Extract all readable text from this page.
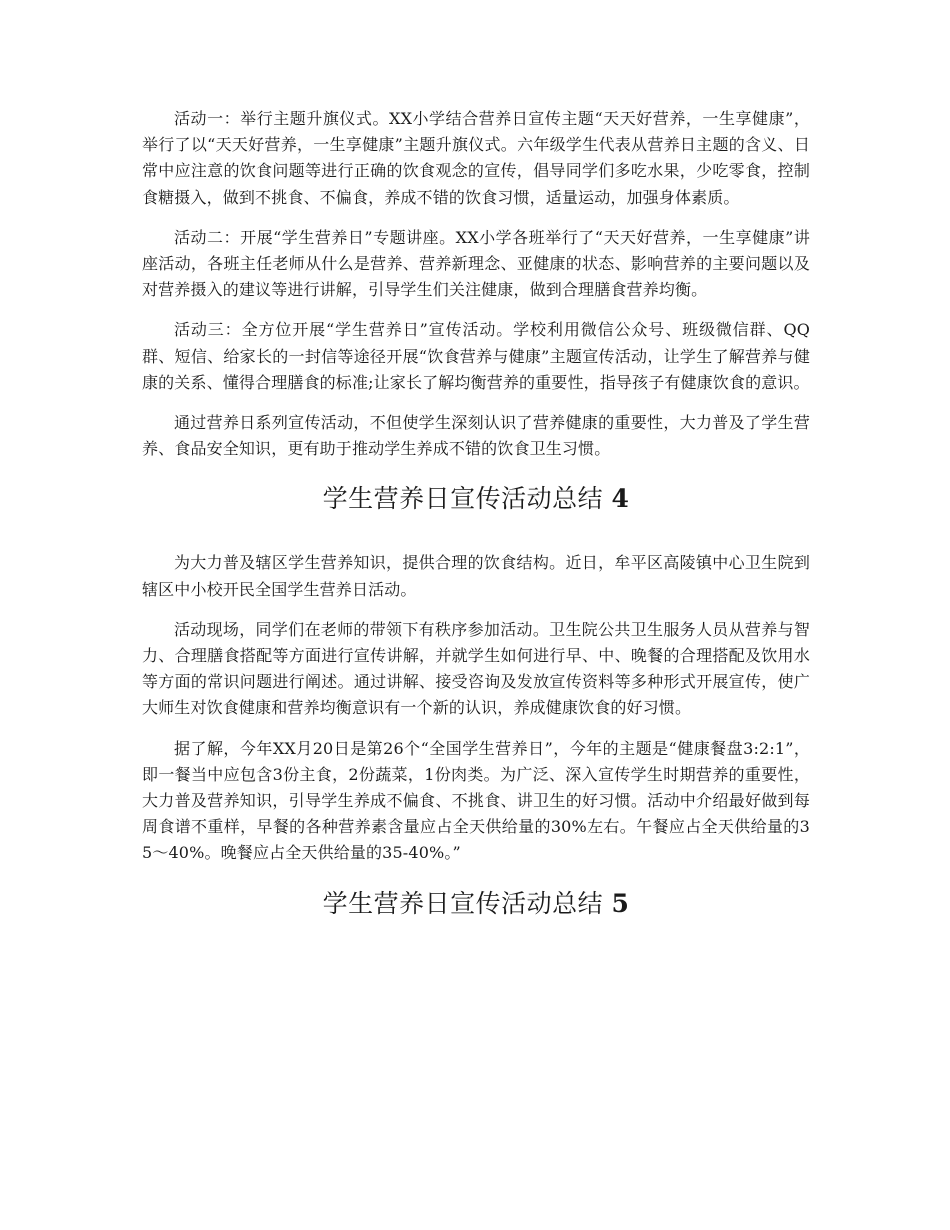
活动一：举行主题升旗仪式。XX小学结合营养日宣传主题“天天好营养，一生享健康”，举行了以“天天好营养，一生享健康”主题升旗仪式。六年级学生代表从营养日主题的含义、日常中应注意的饮食问题等进行正确的饮食观念的宣传，倡导同学们多吃水果，少吃零食，控制食糖摄入，做到不挑食、不偏食，养成不错的饮食习惯，适量运动，加强身体素质。

活动二：开展“学生营养日”专题讲座。XX小学各班举行了“天天好营养，一生享健康”讲座活动，各班主任老师从什么是营养、营养新理念、亚健康的状态、影响营养的主要问题以及对营养摄入的建议等进行讲解，引导学生们关注健康，做到合理膳食营养均衡。

活动三：全方位开展“学生营养日”宣传活动。学校利用微信公众号、班级微信群、QQ群、短信、给家长的一封信等途径开展“饮食营养与健康”主题宣传活动，让学生了解营养与健康的关系、懂得合理膳食的标准;让家长了解均衡营养的重要性，指导孩子有健康饮食的意识。

通过营养日系列宣传活动，不但使学生深刻认识了营养健康的重要性，大力普及了学生营养、食品安全知识，更有助于推动学生养成不错的饮食卫生习惯。

学生营养日宣传活动总结 4

为大力普及辖区学生营养知识，提供合理的饮食结构。近日，牟平区高陵镇中心卫生院到辖区中小校开民全国学生营养日活动。

活动现场，同学们在老师的带领下有秩序参加活动。卫生院公共卫生服务人员从营养与智力、合理膳食搭配等方面进行宣传讲解，并就学生如何进行早、中、晚餐的合理搭配及饮用水等方面的常识问题进行阐述。通过讲解、接受咨询及发放宣传资料等多种形式开展宣传，使广大师生对饮食健康和营养均衡意识有一个新的认识，养成健康饮食的好习惯。

据了解，今年XX月20日是第26个“全国学生营养日”，今年的主题是“健康餐盘3:2:1”，即一餐当中应包含3份主食，2份蔬菜，1份肉类。为广泛、深入宣传学生时期营养的重要性，大力普及营养知识，引导学生养成不偏食、不挑食、讲卫生的好习惯。活动中介绍最好做到每周食谱不重样，早餐的各种营养素含量应占全天供给量的30%左右。午餐应占全天供给量的35～40%。晚餐应占全天供给量的35-40%。”

学生营养日宣传活动总结 5
